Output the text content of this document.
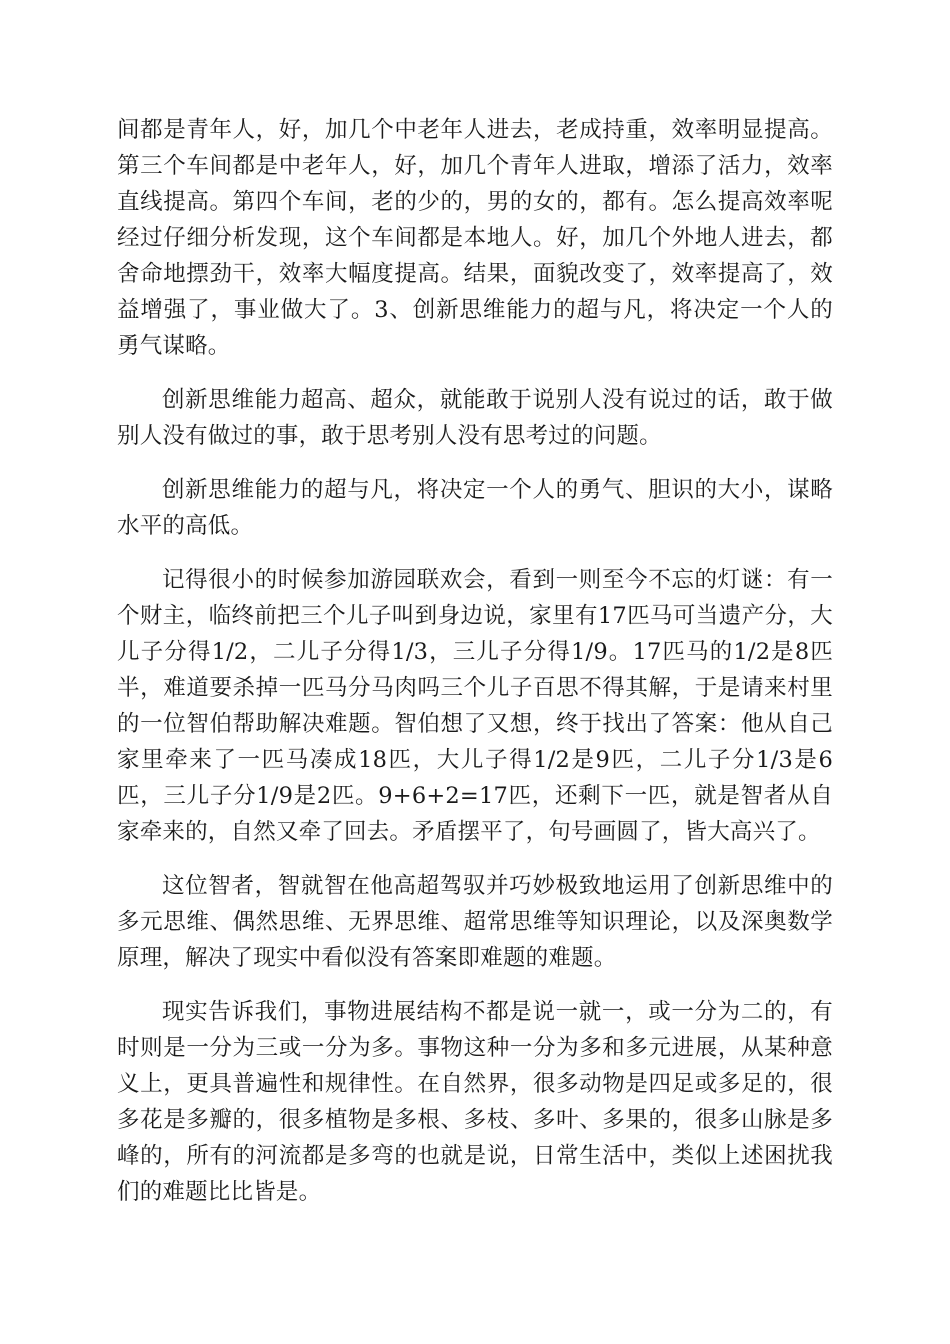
间都是青年人，好，加几个中老年人进去，老成持重，效率明显提高。第三个车间都是中老年人，好，加几个青年人进取，增添了活力，效率直线提高。第四个车间，老的少的，男的女的，都有。怎么提高效率呢经过仔细分析发现，这个车间都是本地人。好，加几个外地人进去，都舍命地摽劲干，效率大幅度提高。结果，面貌改变了，效率提高了，效益增强了，事业做大了。3、创新思维能力的超与凡，将决定一个人的勇气谋略。

创新思维能力超高、超众，就能敢于说别人没有说过的话，敢于做别人没有做过的事，敢于思考别人没有思考过的问题。

创新思维能力的超与凡，将决定一个人的勇气、胆识的大小，谋略水平的高低。

记得很小的时候参加游园联欢会，看到一则至今不忘的灯谜：有一个财主，临终前把三个儿子叫到身边说，家里有17匹马可当遗产分，大儿子分得1/2，二儿子分得1/3，三儿子分得1/9。17匹马的1/2是8匹半，难道要杀掉一匹马分马肉吗三个儿子百思不得其解，于是请来村里的一位智伯帮助解决难题。智伯想了又想，终于找出了答案：他从自己家里牵来了一匹马凑成18匹，大儿子得1/2是9匹，二儿子分1/3是6匹，三儿子分1/9是2匹。9+6+2=17匹，还剩下一匹，就是智者从自家牵来的，自然又牵了回去。矛盾摆平了，句号画圆了，皆大高兴了。

这位智者，智就智在他高超驾驭并巧妙极致地运用了创新思维中的多元思维、偶然思维、无界思维、超常思维等知识理论，以及深奥数学原理，解决了现实中看似没有答案即难题的难题。

现实告诉我们，事物进展结构不都是说一就一，或一分为二的，有时则是一分为三或一分为多。事物这种一分为多和多元进展，从某种意义上，更具普遍性和规律性。在自然界，很多动物是四足或多足的，很多花是多瓣的，很多植物是多根、多枝、多叶、多果的，很多山脉是多峰的，所有的河流都是多弯的也就是说，日常生活中，类似上述困扰我们的难题比比皆是。
